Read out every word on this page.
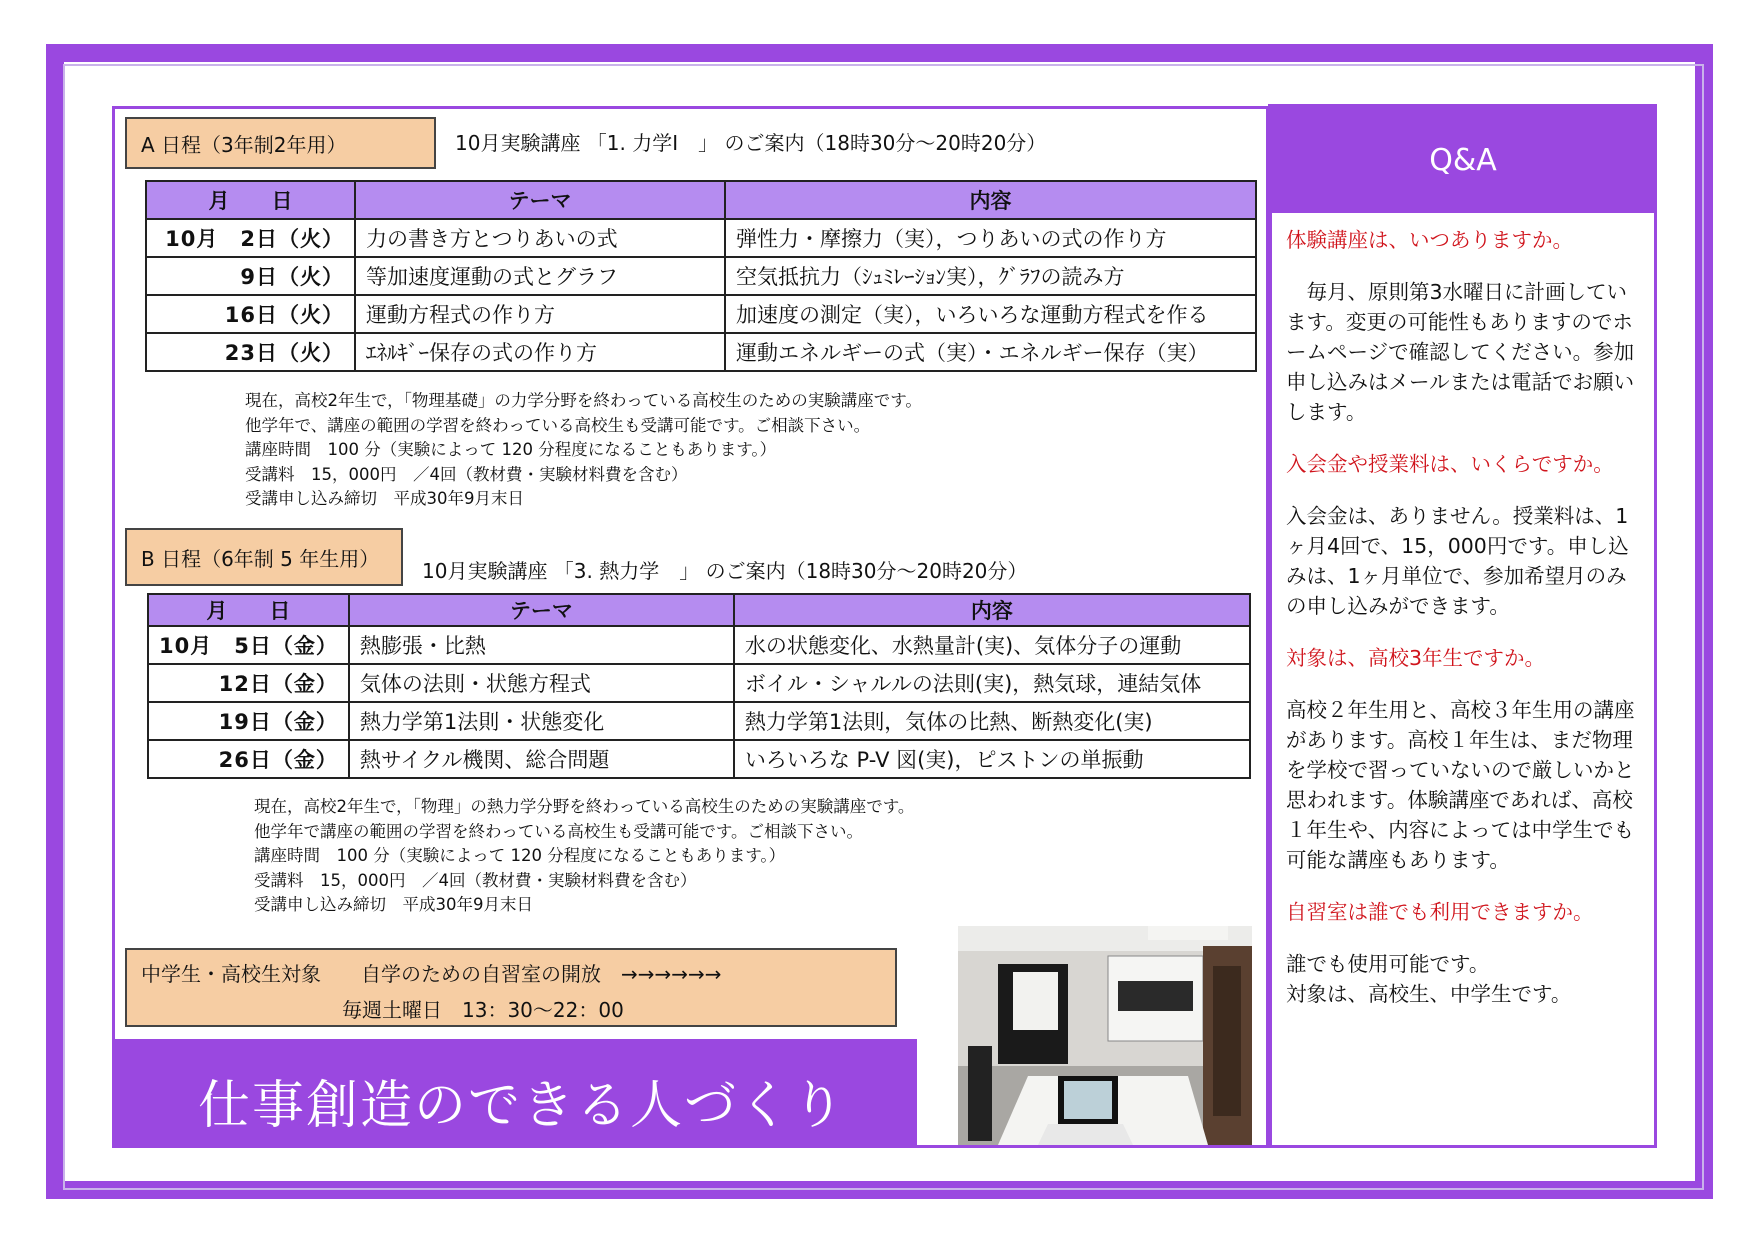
A 日程（3年制2年用）	10月実験講座 「1. 力学Ⅰ　」 のご案内（18時30分～20時20分）
月　　日	テーマ	内容
10月　2日（火）	力の書き方とつりあいの式	弾性力・摩擦力（実），つりあいの式の作り方
9日（火）	等加速度運動の式とグラフ	空気抵抗力（ｼｭﾐﾚｰｼｮﾝ実），ｸﾞﾗﾌの読み方
16日（火）	運動方程式の作り方	加速度の測定（実），いろいろな運動方程式を作る
23日（火）	ｴﾈﾙｷﾞｰ保存の式の作り方	運動エネルギーの式（実）・エネルギー保存（実）
現在，高校2年生で，「物理基礎」の力学分野を終わっている高校生のための実験講座です。
他学年で、講座の範囲の学習を終わっている高校生も受講可能です。ご相談下さい。
講座時間　100 分（実験によって 120 分程度になることもあります。）
受講料　15，000円　／4回（教材費・実験材料費を含む）
受講申し込み締切　平成30年9月末日
B 日程（6年制 5 年生用）
10月実験講座 「3. 熱力学　」 のご案内（18時30分～20時20分）
月　　日	テーマ	内容
10月　5日（金）	熱膨張・比熱	水の状態変化、水熱量計(実)、気体分子の運動
12日（金）	気体の法則・状態方程式	ボイル・シャルルの法則(実)，熱気球，連結気体
19日（金）	熱力学第1法則・状態変化	熱力学第1法則，気体の比熱、断熱変化(実)
26日（金）	熱サイクル機関、総合問題	いろいろな P-V 図(実)，ピストンの単振動
現在，高校2年生で，「物理」の熱力学分野を終わっている高校生のための実験講座です。
他学年で講座の範囲の学習を終わっている高校生も受講可能です。ご相談下さい。
講座時間　100 分（実験によって 120 分程度になることもあります。）
受講料　15，000円　／4回（教材費・実験材料費を含む）
受講申し込み締切　平成30年9月末日
中学生・高校生対象　　自学のための自習室の開放　→→→→→→
毎週土曜日　13：30～22：00
仕事創造のできる人づくり
Q&A
体験講座は、いつありますか。
　毎月、原則第3水曜日に計画しています。変更の可能性もありますのでホームページで確認してください。参加申し込みはメールまたは電話でお願いします。
入会金や授業料は、いくらですか。
入会金は、ありません。授業料は、1ヶ月4回で、15，000円です。申し込みは、1ヶ月単位で、参加希望月のみの申し込みができます。
対象は、高校3年生ですか。
高校２年生用と、高校３年生用の講座があります。高校１年生は、まだ物理を学校で習っていないので厳しいかと思われます。体験講座であれば、高校１年生や、内容によっては中学生でも可能な講座もあります。
自習室は誰でも利用できますか。
誰でも使用可能です。
対象は、高校生、中学生です。
